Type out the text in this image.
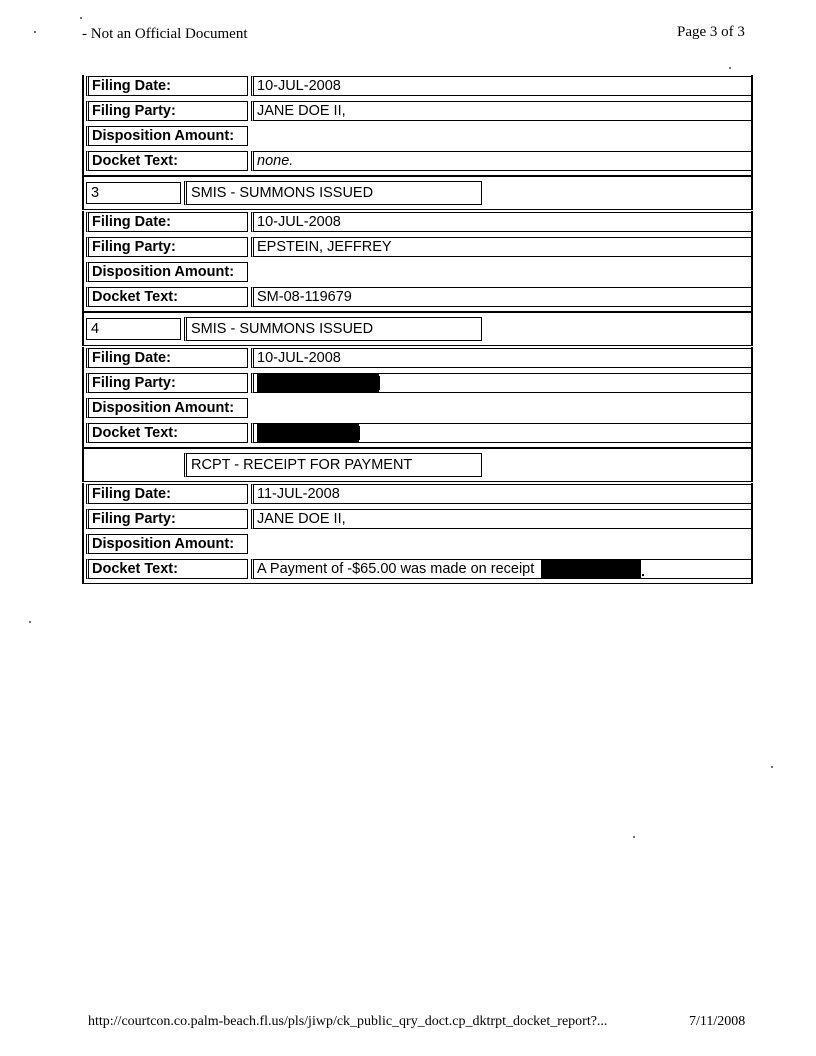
- Not an Official Document	Page 3 of 3
Filing Date:	10-JUL-2008
Filing Party:	JANE DOE II,
Disposition Amount:
Docket Text:	none.
3	SMIS - SUMMONS ISSUED
Filing Date:	10-JUL-2008
Filing Party:	EPSTEIN, JEFFREY
Disposition Amount:
Docket Text:	SM-08-119679
4	SMIS - SUMMONS ISSUED
Filing Date:	10-JUL-2008
Filing Party:
Disposition Amount:
Docket Text:
RCPT - RECEIPT FOR PAYMENT
Filing Date:	11-JUL-2008
Filing Party:	JANE DOE II,
Disposition Amount:
Docket Text:	A Payment of -$65.00 was made on receipt
http://courtcon.co.palm-beach.fl.us/pls/jiwp/ck_public_qry_doct.cp_dktrpt_docket_report?...	7/11/2008
